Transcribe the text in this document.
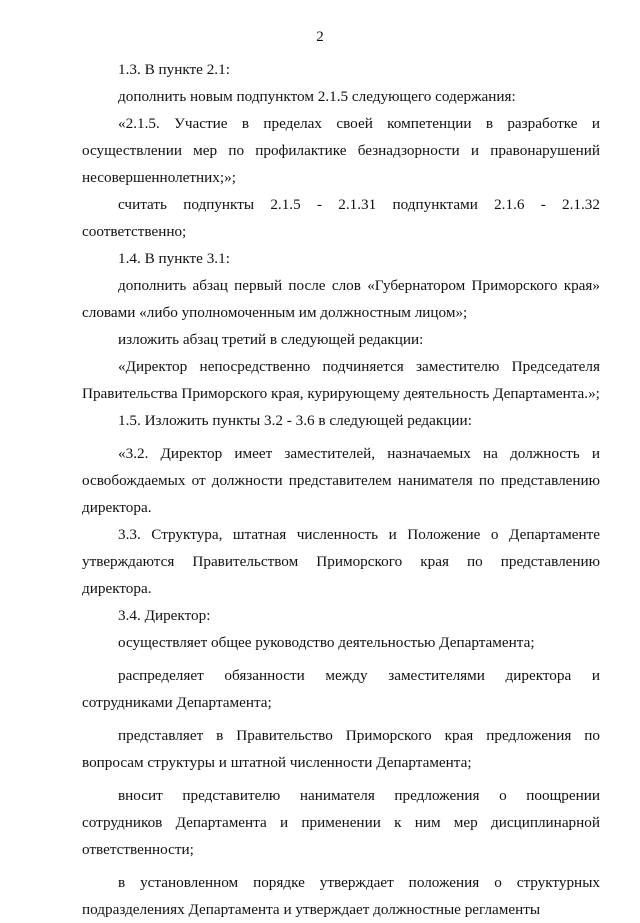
2

1.3. В пункте 2.1:

дополнить новым подпунктом 2.1.5 следующего содержания:

«2.1.5. Участие в пределах своей компетенции в разработке и осуществлении мер по профилактике безнадзорности и правонарушений несовершеннолетних;»;

считать подпункты 2.1.5 - 2.1.31 подпунктами 2.1.6 - 2.1.32 соответственно;

1.4. В пункте 3.1:

дополнить абзац первый после слов «Губернатором Приморского края» словами «либо уполномоченным им должностным лицом»;

изложить абзац третий в следующей редакции:

«Директор непосредственно подчиняется заместителю Председателя Правительства Приморского края, курирующему деятельность Департамента.»;

1.5. Изложить пункты 3.2 - 3.6 в следующей редакции:

«3.2. Директор имеет заместителей, назначаемых на должность и освобождаемых от должности представителем нанимателя по представлению директора.

3.3. Структура, штатная численность и Положение о Департаменте утверждаются Правительством Приморского края по представлению директора.

3.4. Директор:

осуществляет общее руководство деятельностью Департамента;

распределяет обязанности между заместителями директора и сотрудниками Департамента;

представляет в Правительство Приморского края предложения по вопросам структуры и штатной численности Департамента;

вносит представителю нанимателя предложения о поощрении сотрудников Департамента и применении к ним мер дисциплинарной ответственности;

в установленном порядке утверждает положения о структурных подразделениях Департамента и утверждает должностные регламенты
